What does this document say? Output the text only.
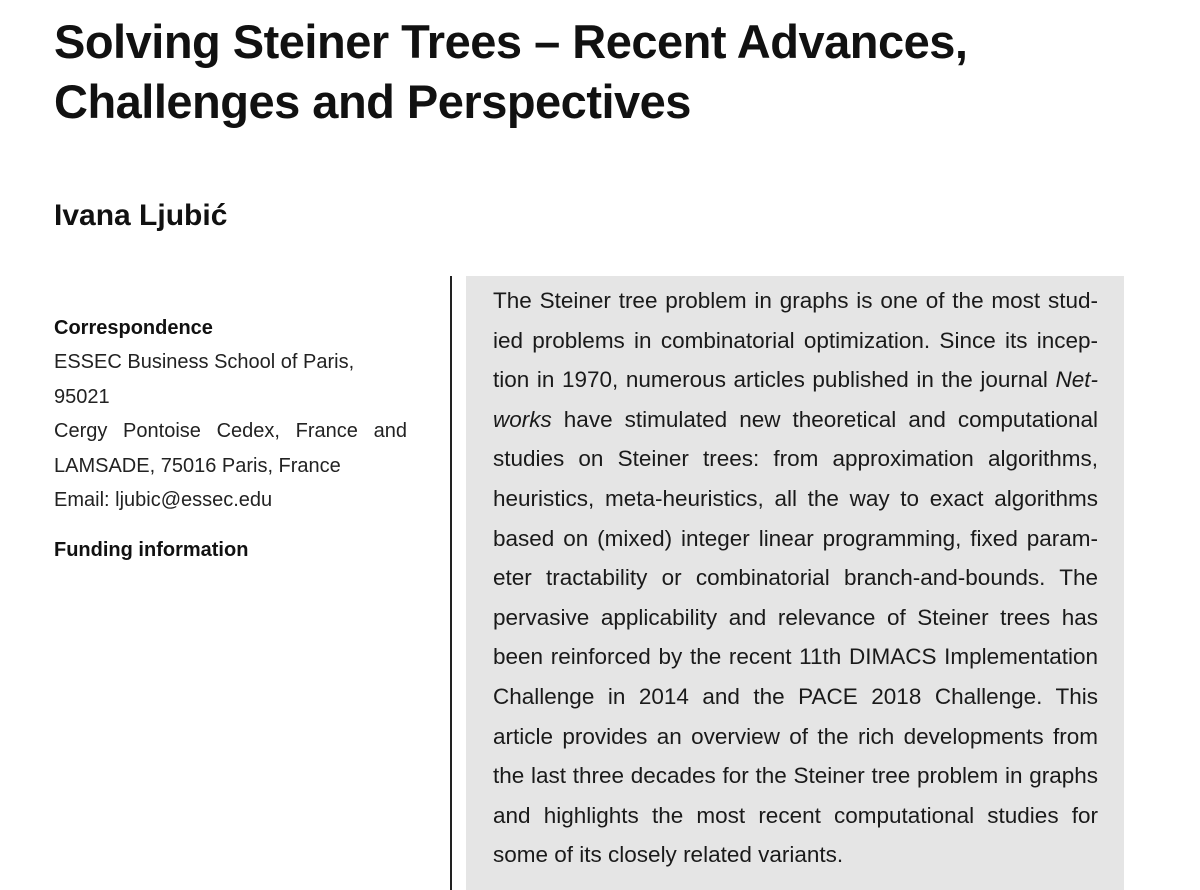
Solving Steiner Trees – Recent Advances, Challenges and Perspectives
Ivana Ljubić

Correspondence

ESSEC Business School of Paris, 95021

Cergy Pontoise Cedex, France and

LAMSADE, 75016 Paris, France

Email: ljubic@essec.edu

Funding information

The Steiner tree problem in graphs is one of the most studied problems in combinatorial optimization. Since its inception in 1970, numerous articles published in the journal Networks have stimulated new theoretical and computational studies on Steiner trees: from approximation algorithms, heuristics, meta-heuristics, all the way to exact algorithms based on (mixed) integer linear programming, fixed parameter tractability or combinatorial branch-and-bounds. The pervasive applicability and relevance of Steiner trees has been reinforced by the recent 11th DIMACS Implementation Challenge in 2014 and the PACE 2018 Challenge. This article provides an overview of the rich developments from the last three decades for the Steiner tree problem in graphs and highlights the most recent computational studies for some of its closely related variants.
